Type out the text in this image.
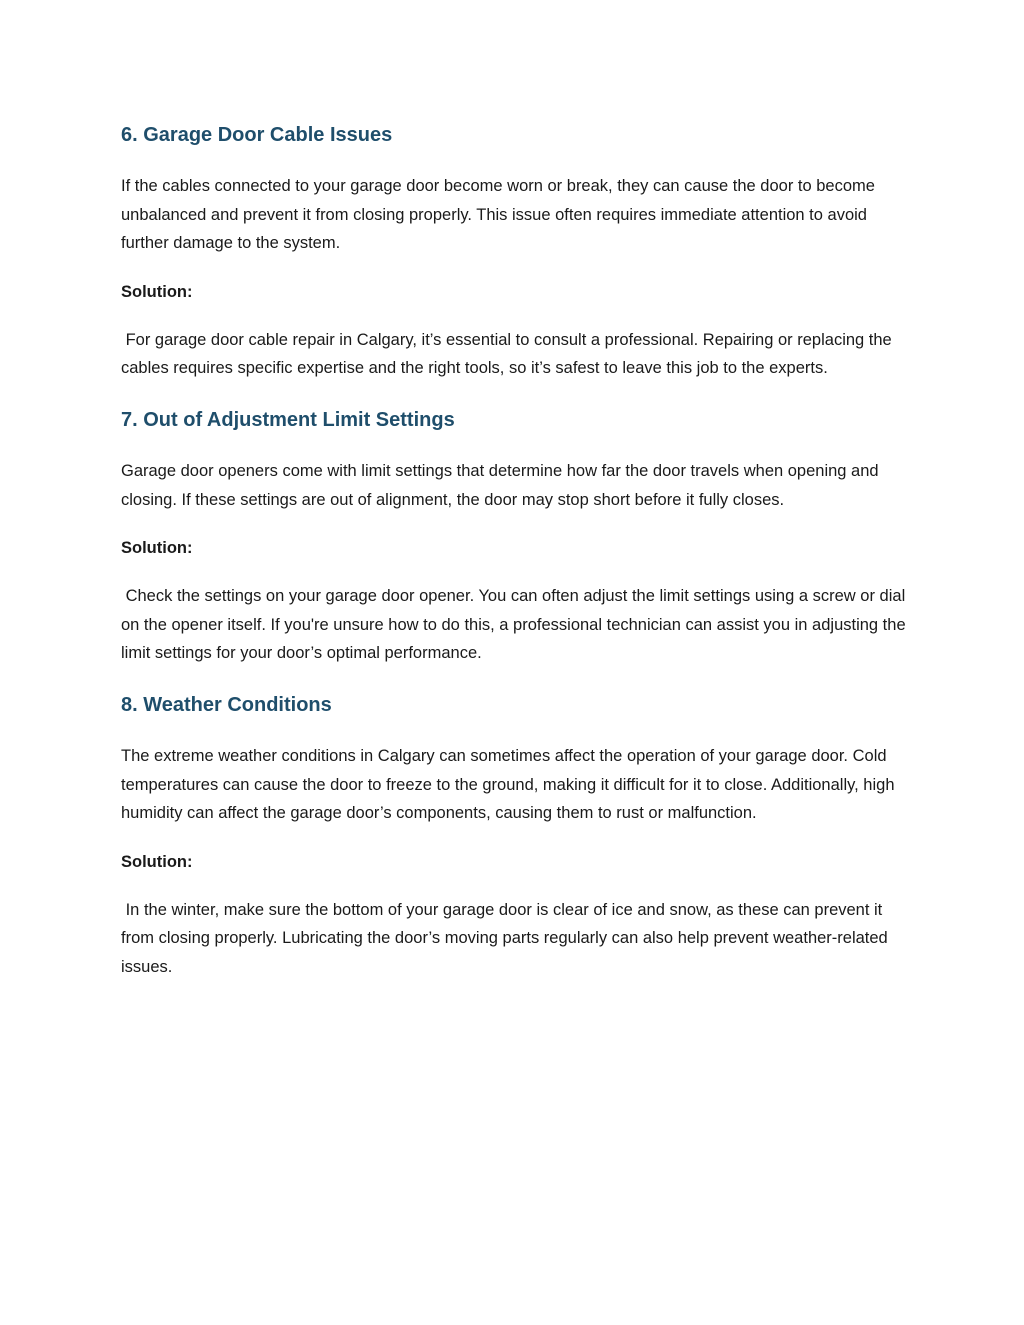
6. Garage Door Cable Issues

If the cables connected to your garage door become worn or break, they can cause the door to become unbalanced and prevent it from closing properly. This issue often requires immediate attention to avoid further damage to the system.

Solution:

For garage door cable repair in Calgary, it’s essential to consult a professional. Repairing or replacing the cables requires specific expertise and the right tools, so it’s safest to leave this job to the experts.

7. Out of Adjustment Limit Settings

Garage door openers come with limit settings that determine how far the door travels when opening and closing. If these settings are out of alignment, the door may stop short before it fully closes.

Solution:

Check the settings on your garage door opener. You can often adjust the limit settings using a screw or dial on the opener itself. If you're unsure how to do this, a professional technician can assist you in adjusting the limit settings for your door’s optimal performance.

8. Weather Conditions

The extreme weather conditions in Calgary can sometimes affect the operation of your garage door. Cold temperatures can cause the door to freeze to the ground, making it difficult for it to close. Additionally, high humidity can affect the garage door’s components, causing them to rust or malfunction.

Solution:

In the winter, make sure the bottom of your garage door is clear of ice and snow, as these can prevent it from closing properly. Lubricating the door’s moving parts regularly can also help prevent weather-related issues.
